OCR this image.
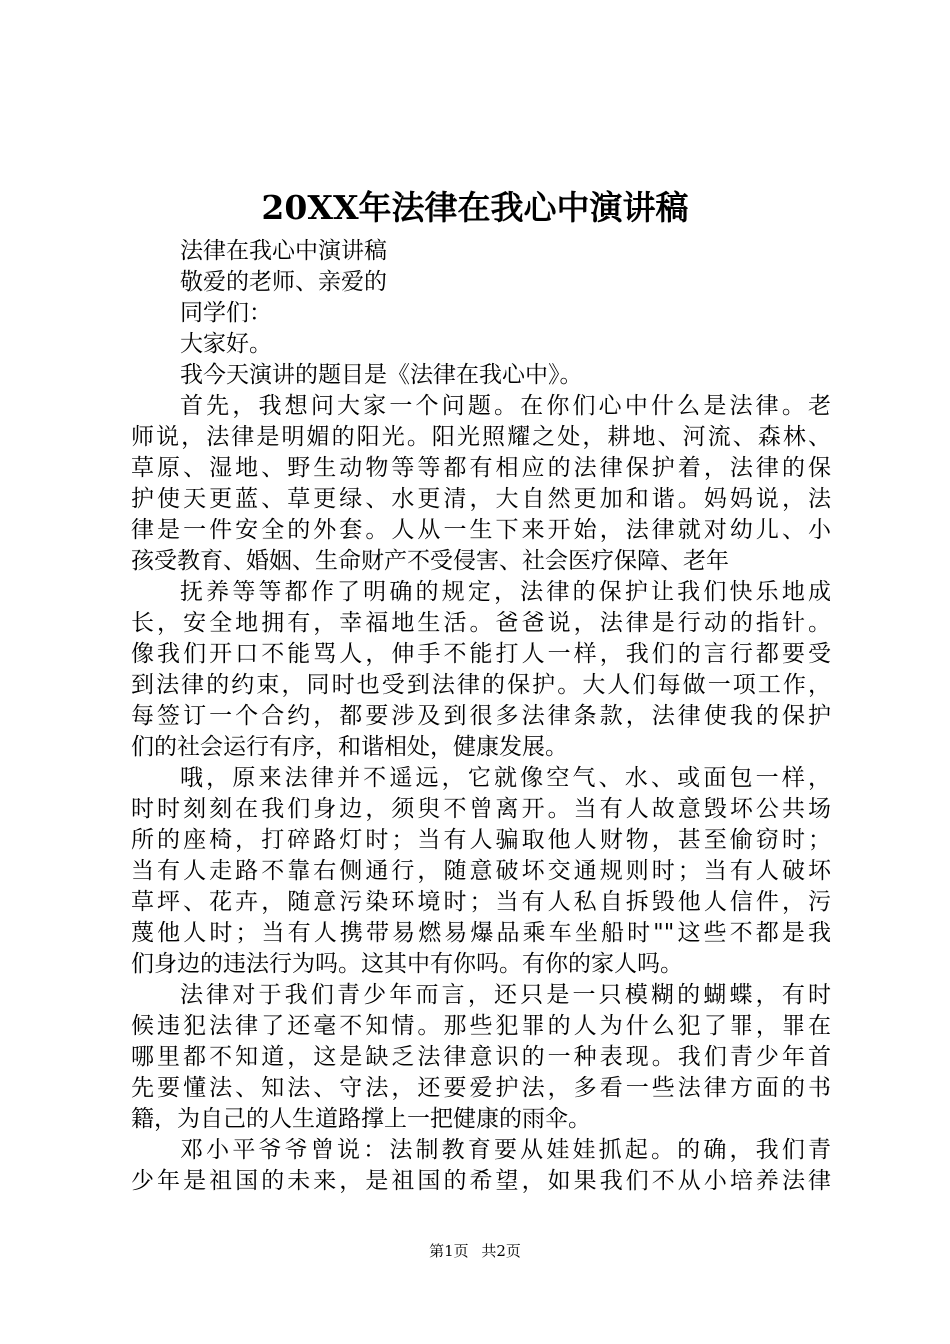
20XX年法律在我心中演讲稿
法律在我心中演讲稿
敬爱的老师、亲爱的
同学们：
大家好。
我今天演讲的题目是《法律在我心中》。
首先，我想问大家一个问题。在你们心中什么是法律。老
师说，法律是明媚的阳光。阳光照耀之处，耕地、河流、森林、
草原、湿地、野生动物等等都有相应的法律保护着，法律的保
护使天更蓝、草更绿、水更清，大自然更加和谐。妈妈说，法
律是一件安全的外套。人从一生下来开始，法律就对幼儿、小
孩受教育、婚姻、生命财产不受侵害、社会医疗保障、老年
抚养等等都作了明确的规定，法律的保护让我们快乐地成
长，安全地拥有，幸福地生活。爸爸说，法律是行动的指针。
像我们开口不能骂人，伸手不能打人一样，我们的言行都要受
到法律的约束，同时也受到法律的保护。大人们每做一项工作，
每签订一个合约，都要涉及到很多法律条款，法律使我的保护
们的社会运行有序，和谐相处，健康发展。
哦，原来法律并不遥远，它就像空气、水、或面包一样，
时时刻刻在我们身边，须臾不曾离开。当有人故意毁坏公共场
所的座椅，打碎路灯时；当有人骗取他人财物，甚至偷窃时；
当有人走路不靠右侧通行，随意破坏交通规则时；当有人破坏
草坪、花卉，随意污染环境时；当有人私自拆毁他人信件，污
蔑他人时；当有人携带易燃易爆品乘车坐船时""这些不都是我
们身边的违法行为吗。这其中有你吗。有你的家人吗。
法律对于我们青少年而言，还只是一只模糊的蝴蝶，有时
候违犯法律了还毫不知情。那些犯罪的人为什么犯了罪，罪在
哪里都不知道，这是缺乏法律意识的一种表现。我们青少年首
先要懂法、知法、守法，还要爱护法，多看一些法律方面的书
籍，为自己的人生道路撑上一把健康的雨伞。
邓小平爷爷曾说：法制教育要从娃娃抓起。的确，我们青
少年是祖国的未来，是祖国的希望，如果我们不从小培养法律
第1页 共2页
